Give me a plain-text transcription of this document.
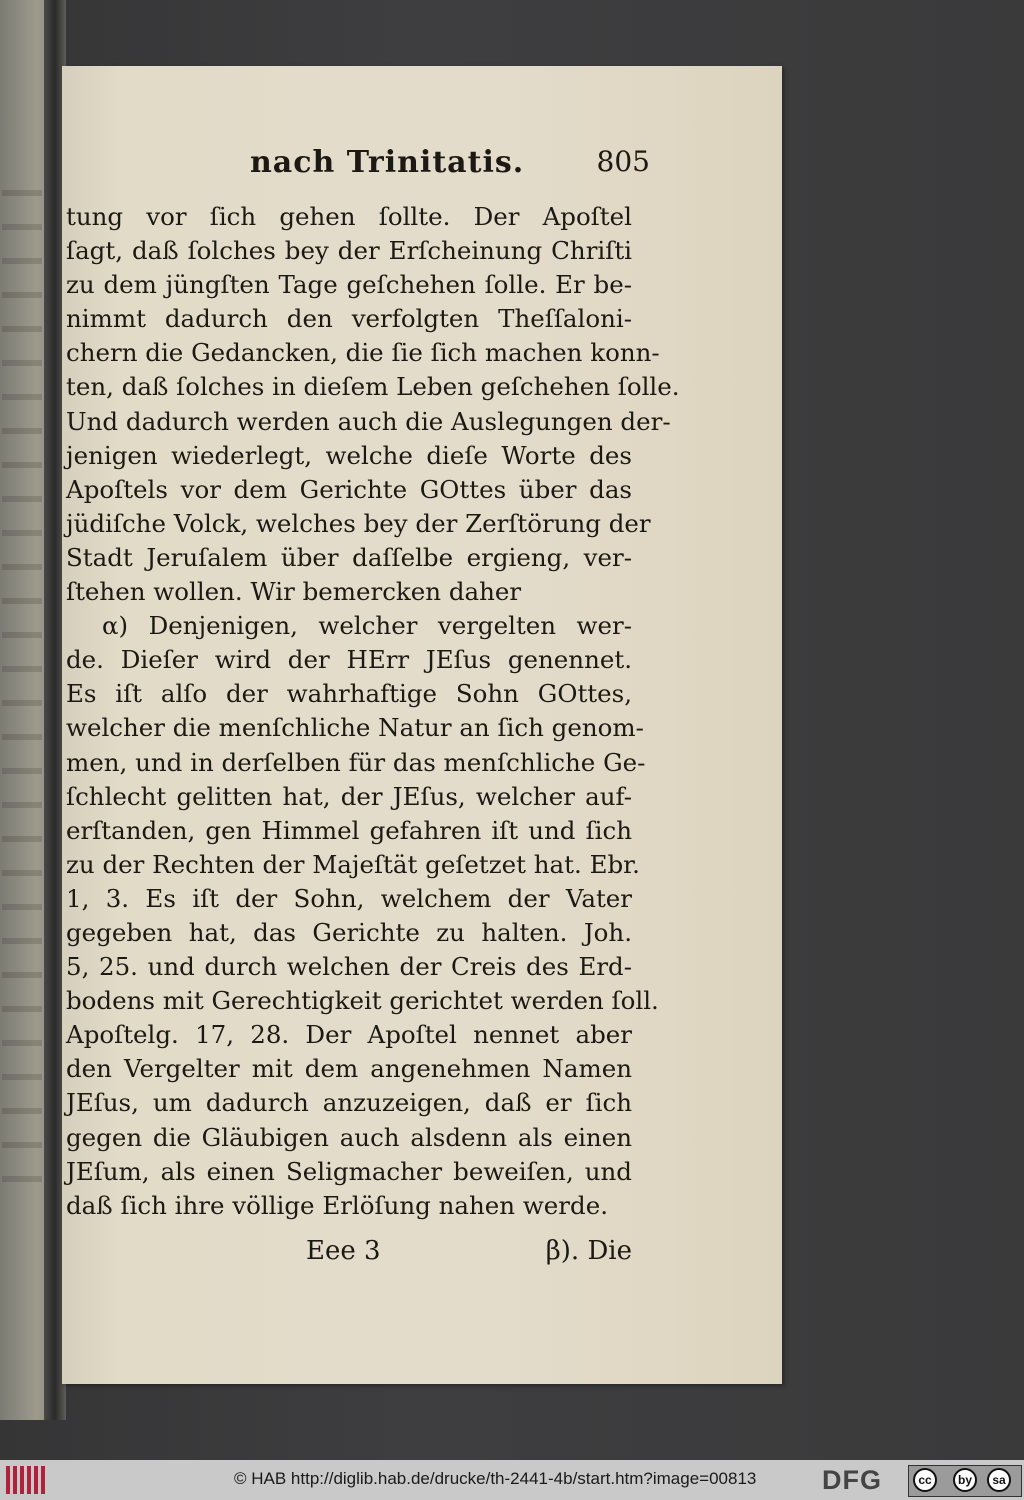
nach Trinitatis.	805
tung vor ſich gehen ſollte. Der Apoſtel
ſagt, daß ſolches bey der Erſcheinung Chriſti
zu dem jüngſten Tage geſchehen ſolle. Er be-
nimmt dadurch den verfolgten Theſſaloni-
chern die Gedancken, die ſie ſich machen konn-
ten, daß ſolches in dieſem Leben geſchehen ſolle.
Und dadurch werden auch die Auslegungen der-
jenigen wiederlegt, welche dieſe Worte des
Apoſtels vor dem Gerichte GOttes über das
jüdiſche Volck, welches bey der Zerſtörung der
Stadt Jeruſalem über daſſelbe ergieng, ver-
ſtehen wollen. Wir bemercken daher
α) Denjenigen, welcher vergelten wer-
de. Dieſer wird der HErr JEſus genennet.
Es iſt alſo der wahrhaftige Sohn GOttes,
welcher die menſchliche Natur an ſich genom-
men, und in derſelben für das menſchliche Ge-
ſchlecht gelitten hat, der JEſus, welcher auf-
erſtanden, gen Himmel gefahren iſt und ſich
zu der Rechten der Majeſtät geſetzet hat. Ebr.
1, 3. Es iſt der Sohn, welchem der Vater
gegeben hat, das Gerichte zu halten. Joh.
5, 25. und durch welchen der Creis des Erd-
bodens mit Gerechtigkeit gerichtet werden ſoll.
Apoſtelg. 17, 28. Der Apoſtel nennet aber
den Vergelter mit dem angenehmen Namen
JEſus, um dadurch anzuzeigen, daß er ſich
gegen die Gläubigen auch alsdenn als einen
JEſum, als einen Seligmacher beweiſen, und
daß ſich ihre völlige Erlöſung nahen werde.
Eee 3	β). Die
© HAB http://diglib.hab.de/drucke/th-2441-4b/start.htm?image=00813 DFG	cc	by	sa
